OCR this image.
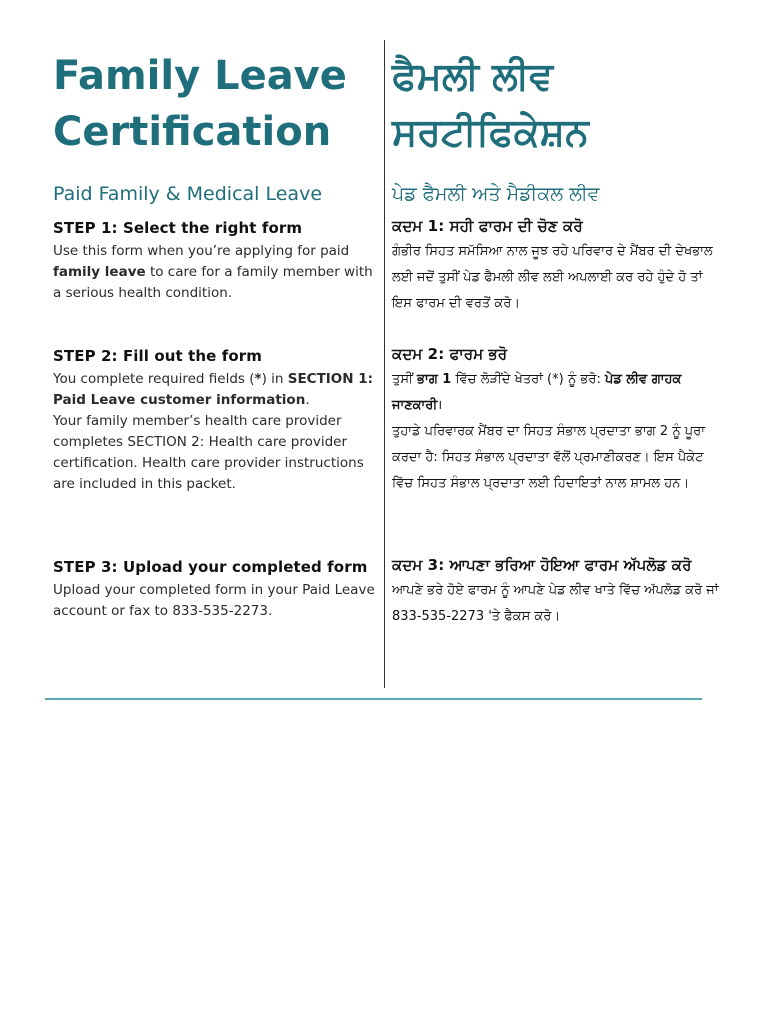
Family Leave Certification
ਫੈਮਲੀ ਲੀਵ ਸਰਟੀਫਿਕੇਸ਼ਨ
Paid Family & Medical Leave	ਪੇਡ ਫੈਮਲੀ ਅਤੇ ਮੈਡੀਕਲ ਲੀਵ
STEP 1: Select the right form

Use this form when you’re applying for paid family leave to care for a family member with a serious health condition.

ਕਦਮ 1: ਸਹੀ ਫਾਰਮ ਦੀ ਚੋਣ ਕਰੋ

ਗੰਭੀਰ ਸਿਹਤ ਸਮੱਸਿਆ ਨਾਲ ਜੂਝ ਰਹੇ ਪਰਿਵਾਰ ਦੇ ਮੈਂਬਰ ਦੀ ਦੇਖਭਾਲ ਲਈ ਜਦੋਂ ਤੁਸੀਂ ਪੇਡ ਫੈਮਲੀ ਲੀਵ ਲਈ ਅਪਲਾਈ ਕਰ ਰਹੇ ਹੁੰਦੇ ਹੋ ਤਾਂ ਇਸ ਫਾਰਮ ਦੀ ਵਰਤੋਂ ਕਰੋ।

STEP 2: Fill out the form

You complete required fields (*) in SECTION 1: Paid Leave customer information.
Your family member’s health care provider completes SECTION 2: Health care provider certification. Health care provider instructions are included in this packet.

ਕਦਮ 2: ਫਾਰਮ ਭਰੋ

ਤੁਸੀਂ ਭਾਗ 1 ਵਿੱਚ ਲੋੜੀਂਦੇ ਖੇਤਰਾਂ (*) ਨੂੰ ਭਰੋ: ਪੇਡ ਲੀਵ ਗਾਹਕ ਜਾਣਕਾਰੀ।
ਤੁਹਾਡੇ ਪਰਿਵਾਰਕ ਮੈਂਬਰ ਦਾ ਸਿਹਤ ਸੰਭਾਲ ਪ੍ਰਦਾਤਾ ਭਾਗ 2 ਨੂੰ ਪੂਰਾ ਕਰਦਾ ਹੈ: ਸਿਹਤ ਸੰਭਾਲ ਪ੍ਰਦਾਤਾ ਵੱਲੋਂ ਪ੍ਰਮਾਣੀਕਰਣ। ਇਸ ਪੈਕੇਟ ਵਿੱਚ ਸਿਹਤ ਸੰਭਾਲ ਪ੍ਰਦਾਤਾ ਲਈ ਹਿਦਾਇਤਾਂ ਨਾਲ ਸ਼ਾਮਲ ਹਨ।

STEP 3: Upload your completed form

Upload your completed form in your Paid Leave account or fax to 833-535-2273.

ਕਦਮ 3: ਆਪਣਾ ਭਰਿਆ ਹੋਇਆ ਫਾਰਮ ਅੱਪਲੋਡ ਕਰੋ

ਆਪਣੇ ਭਰੇ ਹੋਏ ਫਾਰਮ ਨੂੰ ਆਪਣੇ ਪੇਡ ਲੀਵ ਖਾਤੇ ਵਿੱਚ ਅੱਪਲੋਡ ਕਰੋ ਜਾਂ 833-535-2273 'ਤੇ ਫੈਕਸ ਕਰੋ।
